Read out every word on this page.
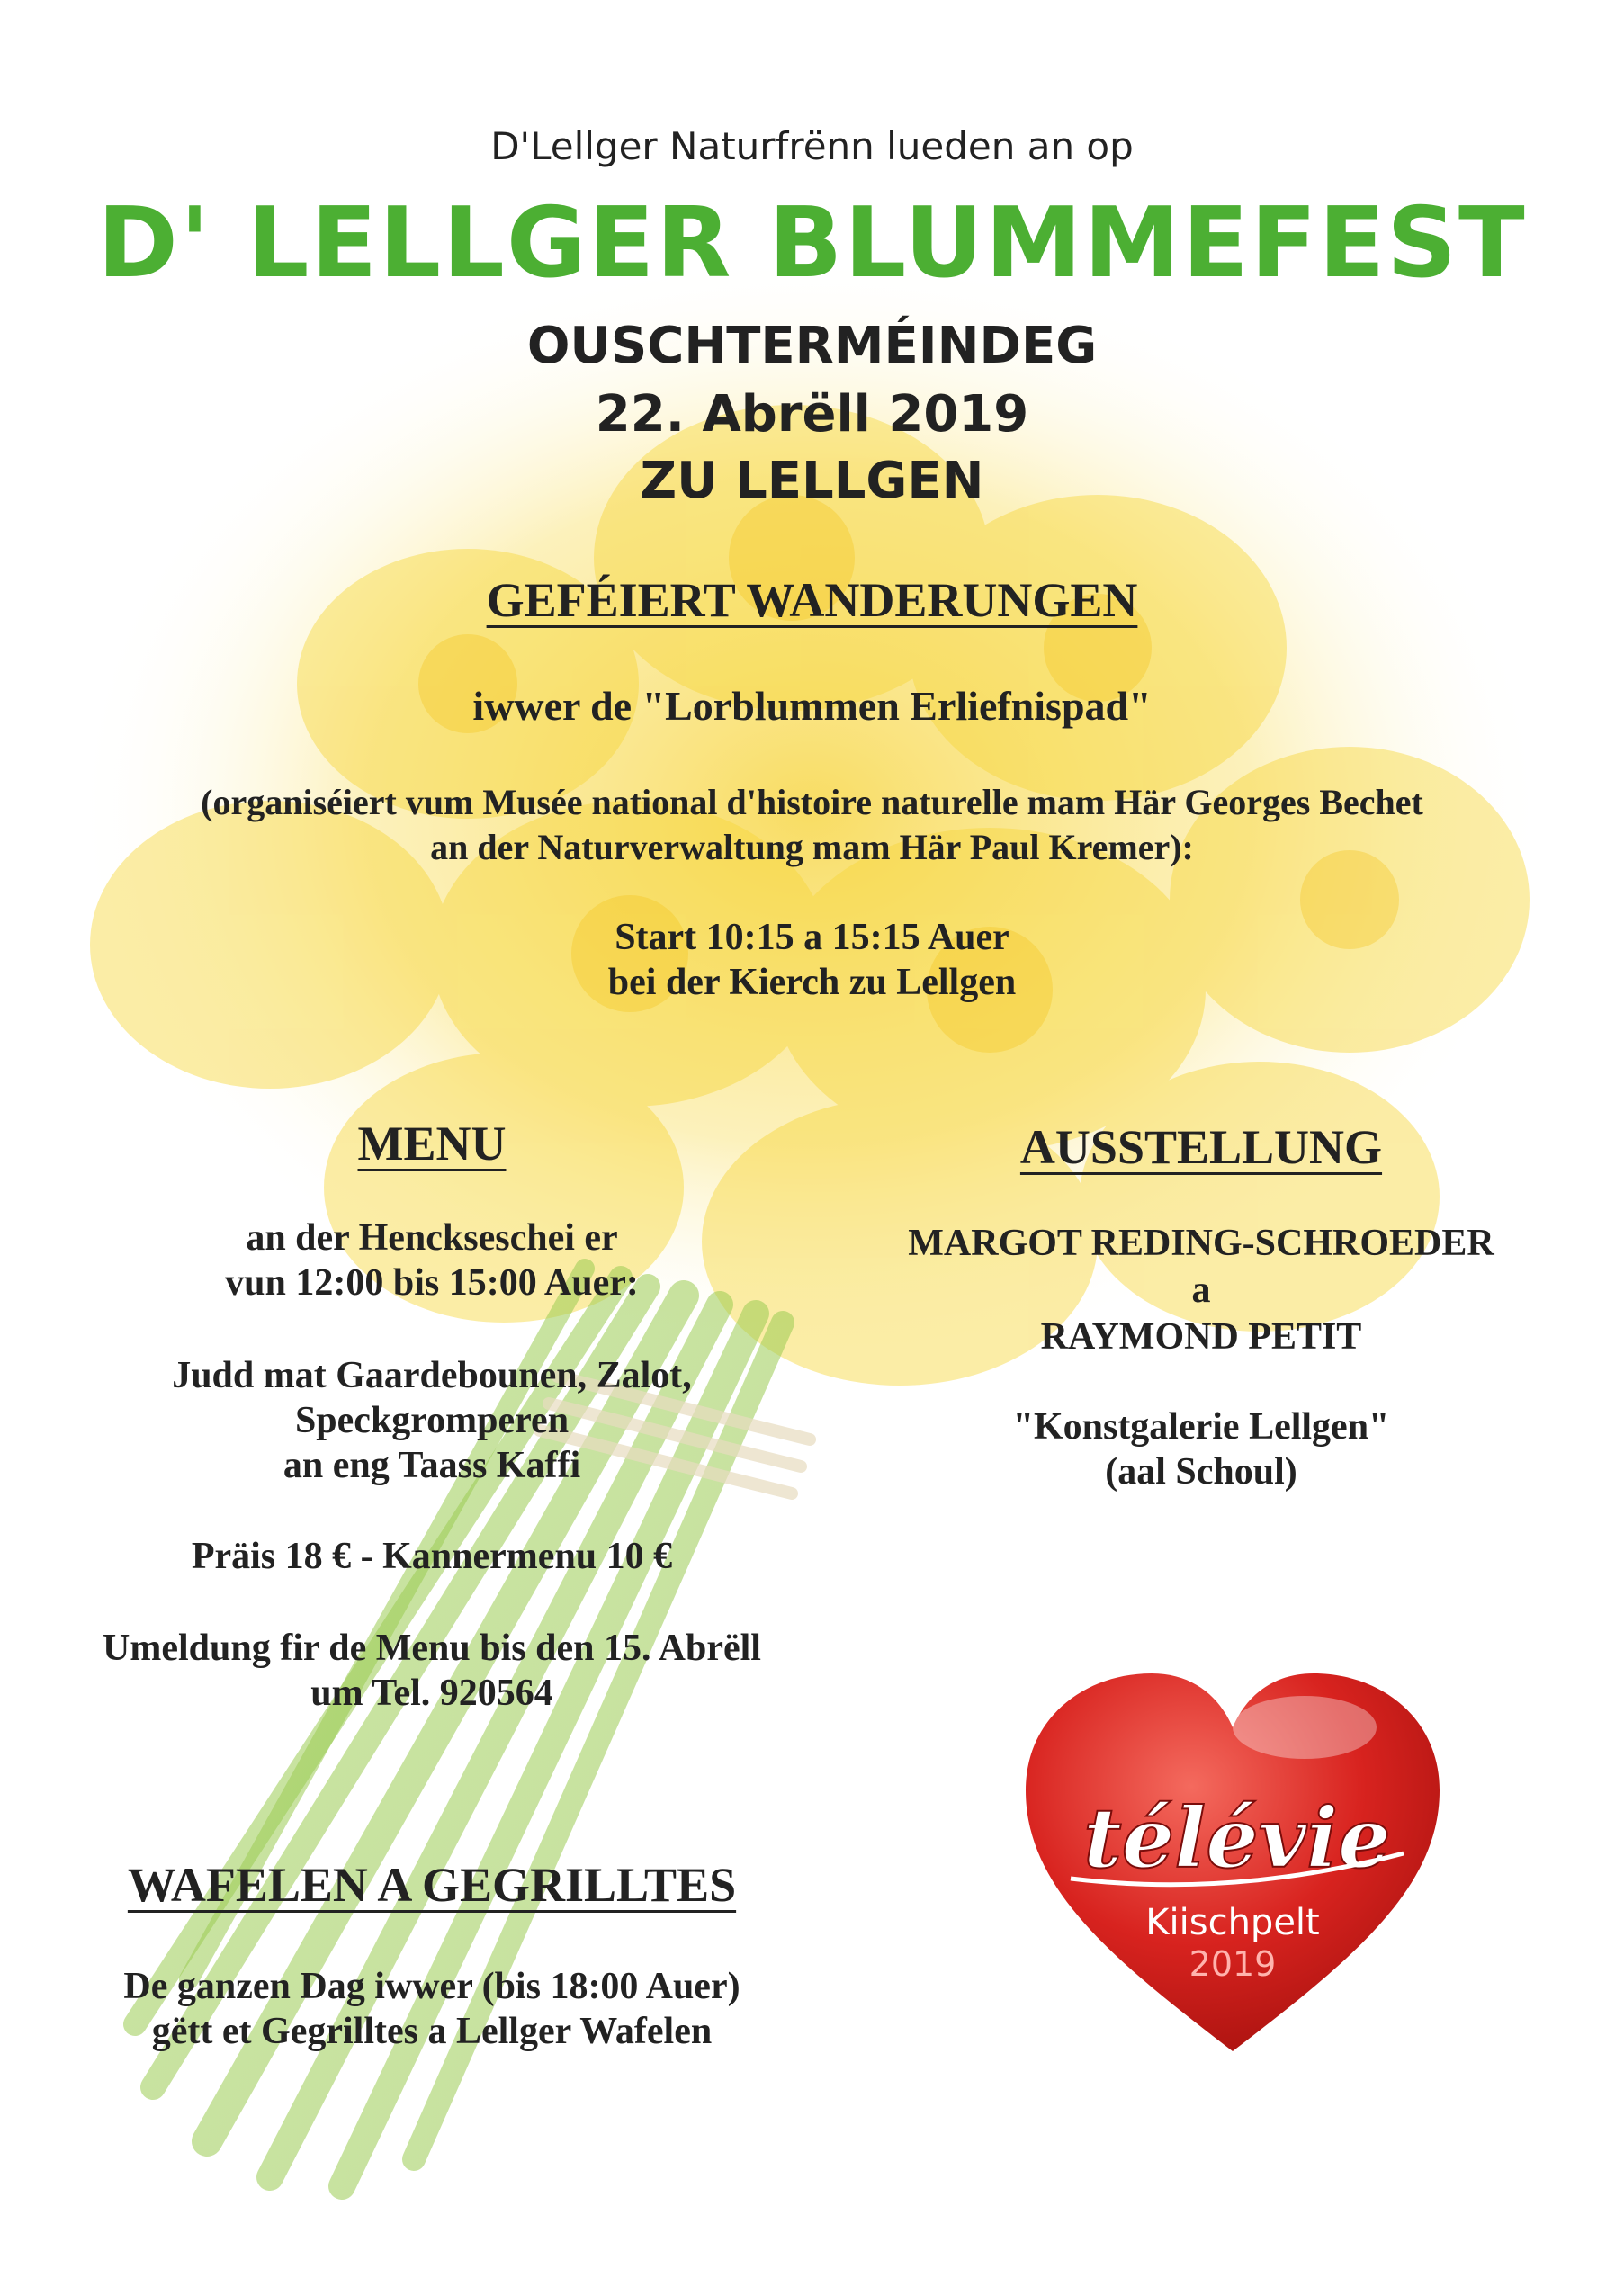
D'Lellger Naturfrënn lueden an op
D' LELLGER BLUMMEFEST
OUSCHTERMÉINDEG
22. Abrëll 2019
ZU LELLGEN
GEFÉIERT WANDERUNGEN
iwwer de "Lorblummen Erliefnispad"
(organiséiert vum Musée national d'histoire naturelle mam Här Georges Bechet
an der Naturverwaltung mam Här Paul Kremer):
Start 10:15 a 15:15 Auer
bei der Kierch zu Lellgen
MENU
an der Henckseschei er
vun 12:00 bis 15:00 Auer:
Judd mat Gaardebounen, Zalot,
Speckgromperen
an eng Taass Kaffi
Präis 18 € - Kannermenu 10 €
Umeldung fir de Menu bis den 15. Abrëll
um Tel. 920564
WAFELEN A GEGRILLTES
De ganzen Dag iwwer (bis 18:00 Auer)
gëtt et Gegrilltes a Lellger Wafelen
AUSSTELLUNG
MARGOT REDING-SCHROEDER
a
RAYMOND PETIT
"Konstgalerie Lellgen"
(aal Schoul)
télévie
Kiischpelt
2019
